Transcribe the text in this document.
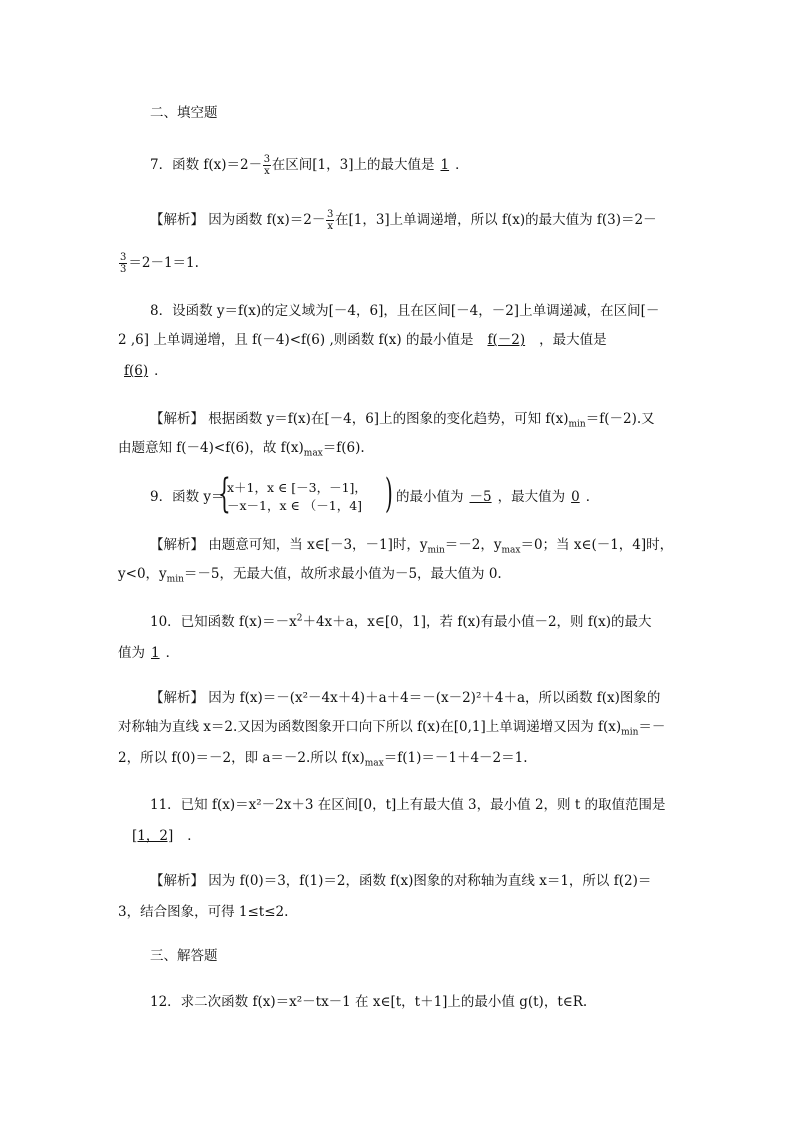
二、填空题
7．函数 $f(x)=2- \frac{3}{x}$ 在区间[1，3]上的最大值是 1 ．
【解析】 因为函数 $f(x)=2- \frac{3}{x}$ 在[1，3]上单调递增，所以 f(x)的最大值为 f(3)＝2－
$\frac{3}{3} =2-1=1$.
8．设函数 y＝f(x)的定义域为[－4，6]，且在区间[－4，－2]上单调递减，在区间[－
2 ,6] 上单调递增，且 f(－4)<f(6) ,则函数 f(x) 的最小值是 f(－2) ，最大值是
f(6) ．
【解析】 根据函数 y＝f(x)在[－4，6]上的图象的变化趋势，可知 $f(x)_{min}=f(-2)$.又
由题意知 f(－4)<f(6)，故 $f(x)_{max}=f(6)$.
9．函数 y＝
{
x＋1，x ∈ [－3，－1]，
－x－1，x ∈ （－1，4] ) 的最小值为 －5 ，最大值为 0 ．
【解析】 由题意可知，当 x∈[－3，－1]时，$y_{min}=-2$，$y_{max}=0$；当 x∈(－1，4]时，
y<0，$y_{min}=-5$，无最大值，故所求最小值为－5，最大值为 0.
10．已知函数 $f(x)=-x^2+4x+a$，x∈[0，1]，若 f(x)有最小值－2，则 f(x)的最大
值为 1 ．
【解析】 因为 f(x)＝－(x²－4x＋4)＋a＋4＝－(x－2)²＋4＋a，所以函数 f(x)图象的
对称轴为直线 x＝2.又因为函数图象开口向下所以 f(x)在[0,1]上单调递增又因为 $f(x)_{min}=-$
2，所以 f(0)＝－2，即 a＝－2.所以 $f(x)_{max}=f(1)=-1+4-2=1$.
11．已知 f(x)＝x²－2x＋3 在区间[0，t]上有最大值 3，最小值 2，则 t 的取值范围是
[1，2] ．
【解析】 因为 f(0)＝3，f(1)＝2，函数 f(x)图象的对称轴为直线 x＝1，所以 f(2)＝
3，结合图象，可得 1≤t≤2.
三、解答题
12．求二次函数 f(x)＝x²－tx－1 在 x∈[t，t＋1]上的最小值 g(t)，t∈R.
